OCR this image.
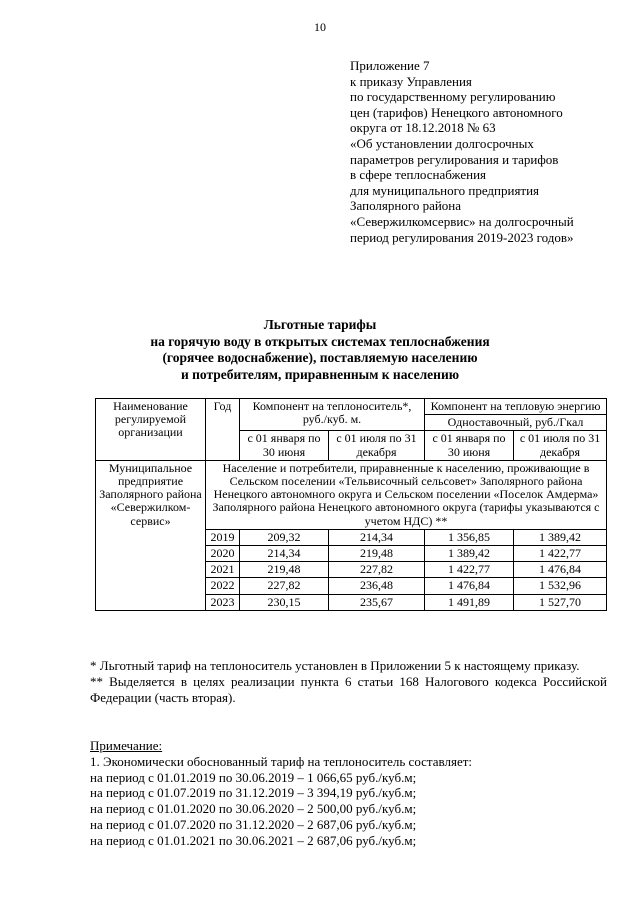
10
Приложение 7
к приказу Управления
по государственному регулированию
цен (тарифов) Ненецкого автономного
округа от 18.12.2018 № 63
«Об установлении долгосрочных
параметров регулирования и тарифов
в сфере теплоснабжения
для муниципального предприятия
Заполярного района
«Севержилкомсервис» на долгосрочный
период регулирования 2019-2023 годов»
Льготные тарифы
на горячую воду в открытых системах теплоснабжения
(горячее водоснабжение), поставляемую населению
и потребителям, приравненным к населению
Наименование регулируемой организации	Год	Компонент на теплоноситель*, руб./куб. м.		Компонент на тепловую энергию	
				Одноставочный, руб./Гкал	
		с 01 января по 30 июня	с 01 июля по 31 декабря	с 01 января по 30 июня	с 01 июля по 31 декабря
Муниципальное предприятие Заполярного района «Севержилком-сервис»	Население и потребители, приравненные к населению, проживающие в Сельском поселении «Тельвисочный сельсовет» Заполярного района Ненецкого автономного округа и Сельском поселении «Поселок Амдерма» Заполярного района Ненецкого автономного округа (тарифы указываются с учетом НДС) **				
	2019	209,32	214,34	1 356,85	1 389,42
	2020	214,34	219,48	1 389,42	1 422,77
	2021	219,48	227,82	1 422,77	1 476,84
	2022	227,82	236,48	1 476,84	1 532,96
	2023	230,15	235,67	1 491,89	1 527,70

* Льготный тариф на теплоноситель установлен в Приложении 5 к настоящему приказу.

** Выделяется в целях реализации пункта 6 статьи 168 Налогового кодекса Российской Федерации (часть вторая).

Примечание:
1. Экономически обоснованный тариф на теплоноситель составляет:
на период с 01.01.2019 по 30.06.2019 – 1 066,65 руб./куб.м;
на период с 01.07.2019 по 31.12.2019 – 3 394,19 руб./куб.м;
на период с 01.01.2020 по 30.06.2020 – 2 500,00 руб./куб.м;
на период с 01.07.2020 по 31.12.2020 – 2 687,06 руб./куб.м;
на период с 01.01.2021 по 30.06.2021 – 2 687,06 руб./куб.м;
